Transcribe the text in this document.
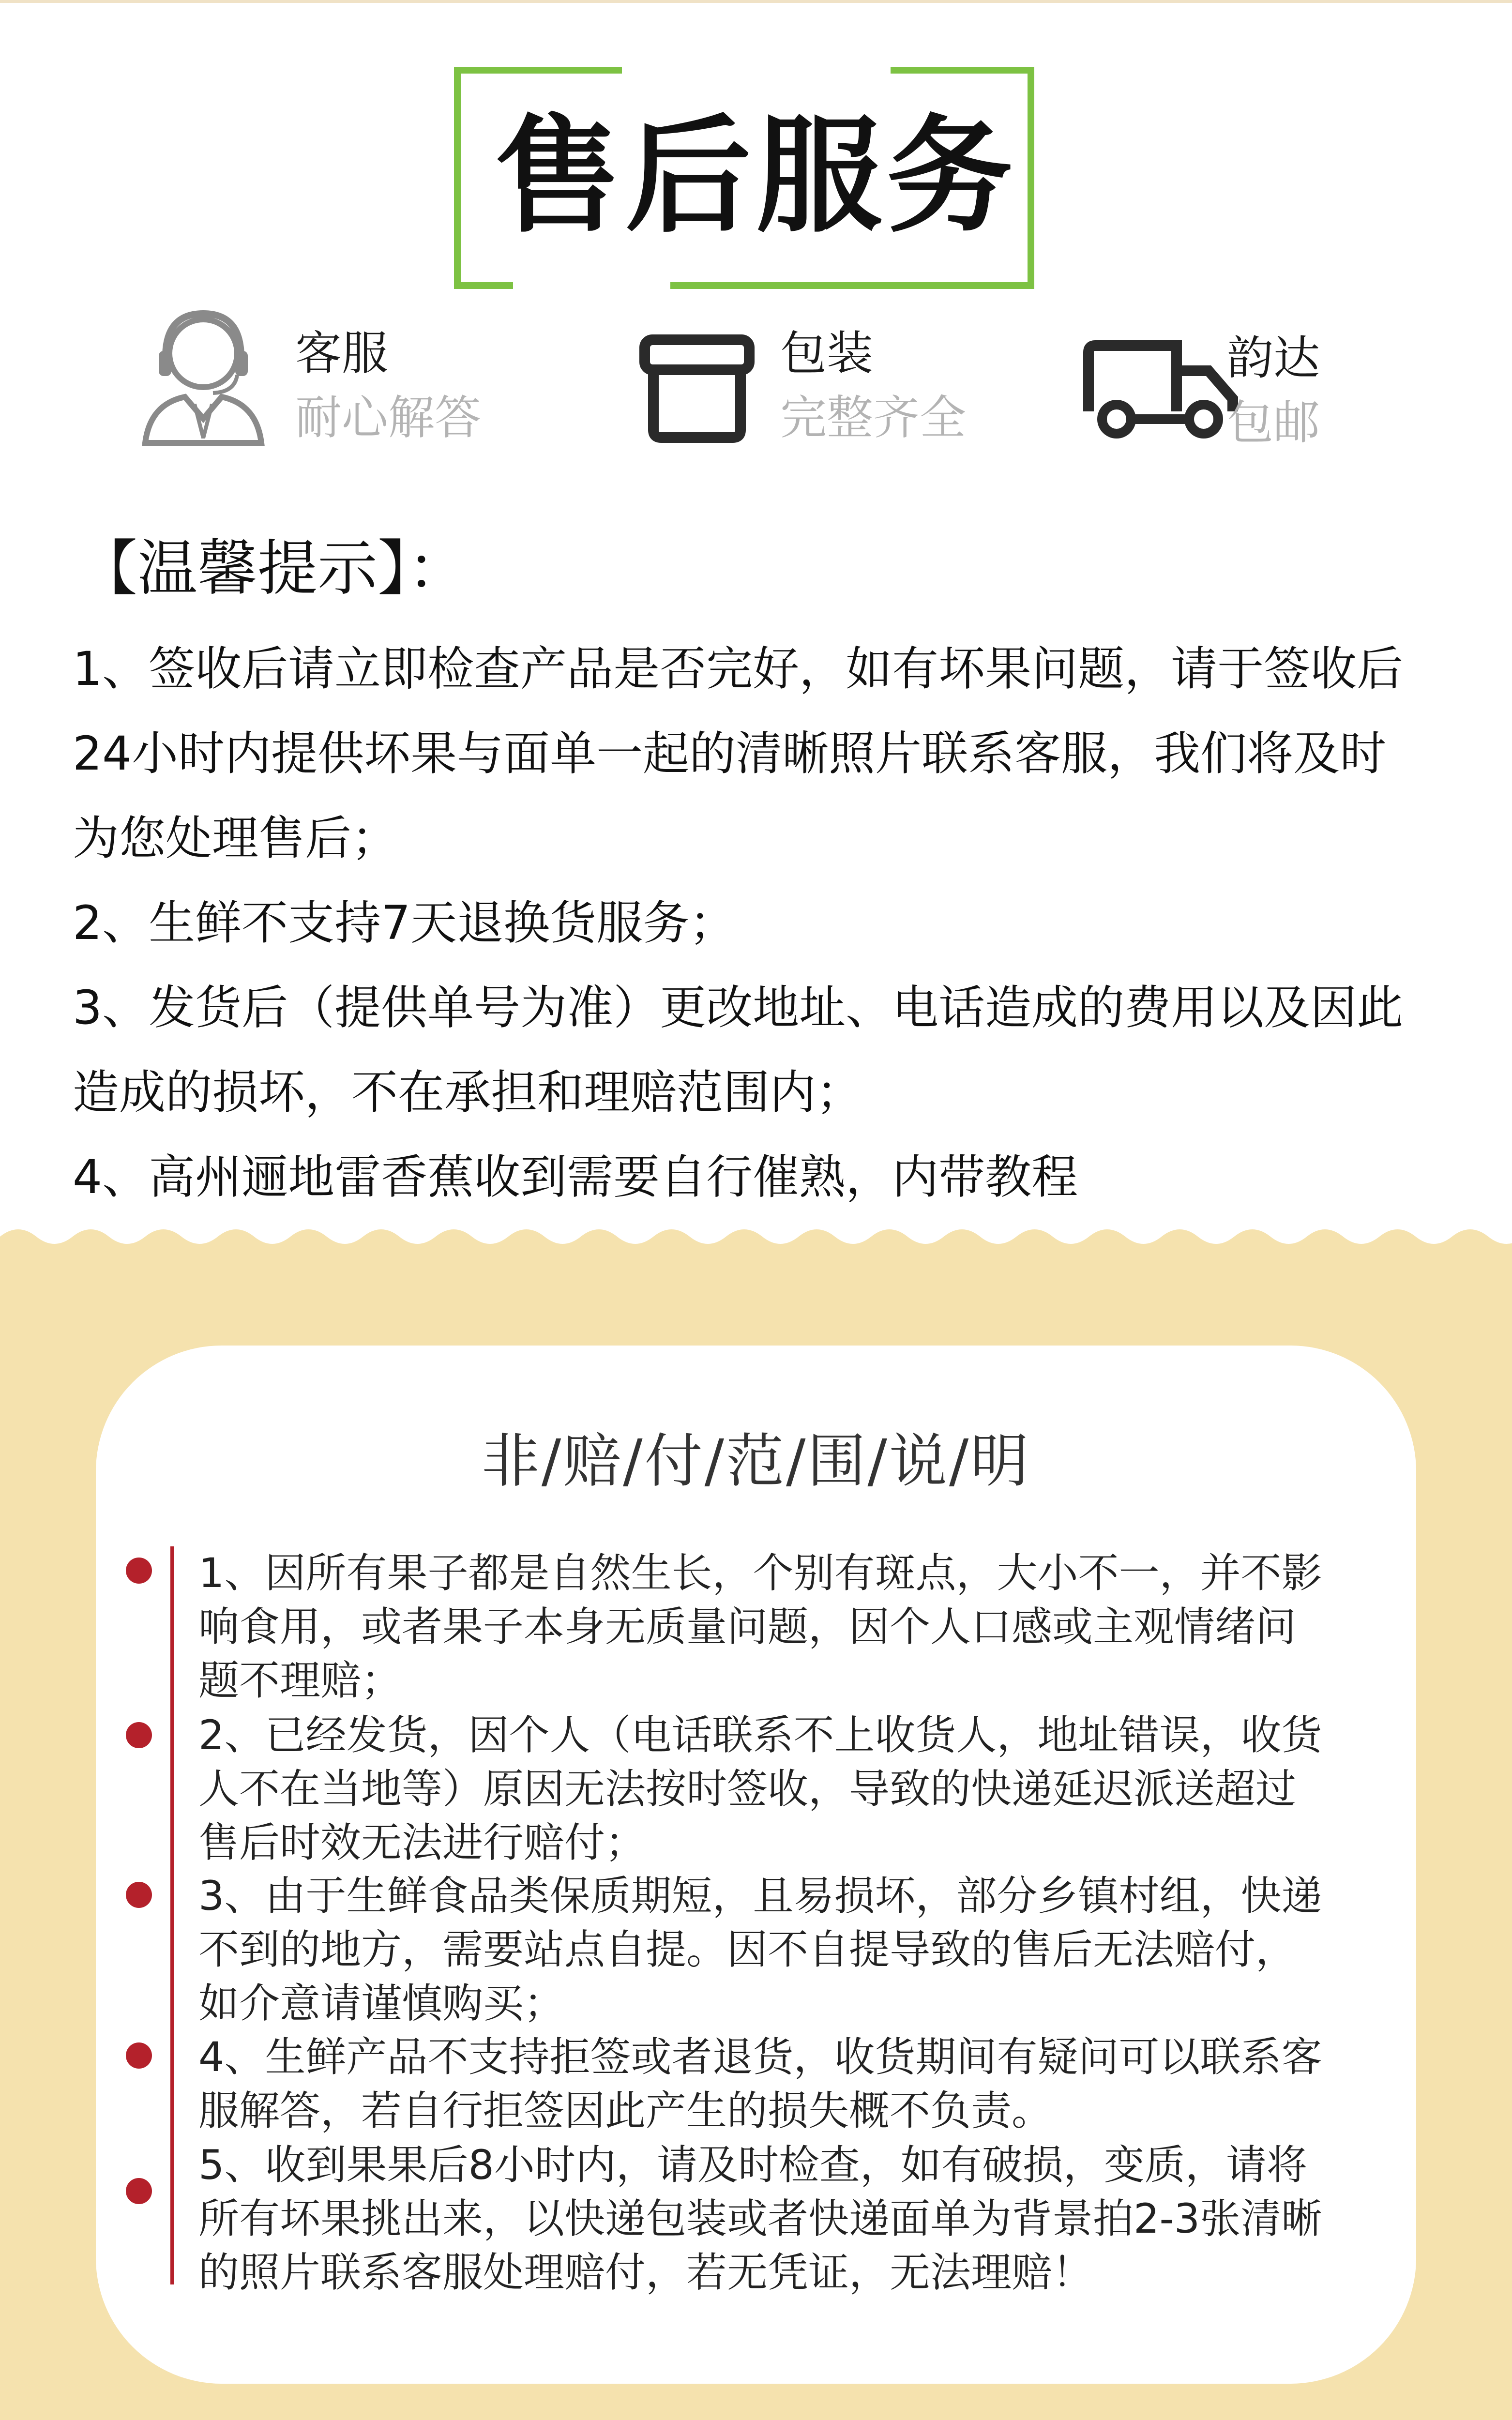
售后服务
客服
耐心解答
包装
完整齐全
韵达
包邮
【温馨提示】：
1、签收后请立即检查产品是否完好，如有坏果问题，请于签收后
24小时内提供坏果与面单一起的清晰照片联系客服，我们将及时
为您处理售后；
2、生鲜不支持7天退换货服务；
3、发货后（提供单号为准）更改地址、电话造成的费用以及因此
造成的损坏，不在承担和理赔范围内；
4、高州逦地雷香蕉收到需要自行催熟，内带教程
非/赔/付/范/围/说/明
1、因所有果子都是自然生长，个别有斑点，大小不一，并不影
响食用，或者果子本身无质量问题，因个人口感或主观情绪问
题不理赔；
2、已经发货，因个人（电话联系不上收货人，地址错误，收货
人不在当地等）原因无法按时签收，导致的快递延迟派送超过
售后时效无法进行赔付；
3、由于生鲜食品类保质期短，且易损坏，部分乡镇村组，快递
不到的地方，需要站点自提。因不自提导致的售后无法赔付，
如介意请谨慎购买；
4、生鲜产品不支持拒签或者退货，收货期间有疑问可以联系客
服解答，若自行拒签因此产生的损失概不负责。
5、收到果果后8小时内，请及时检查，如有破损，变质，请将
所有坏果挑出来，以快递包装或者快递面单为背景拍2-3张清晰
的照片联系客服处理赔付，若无凭证，无法理赔！
